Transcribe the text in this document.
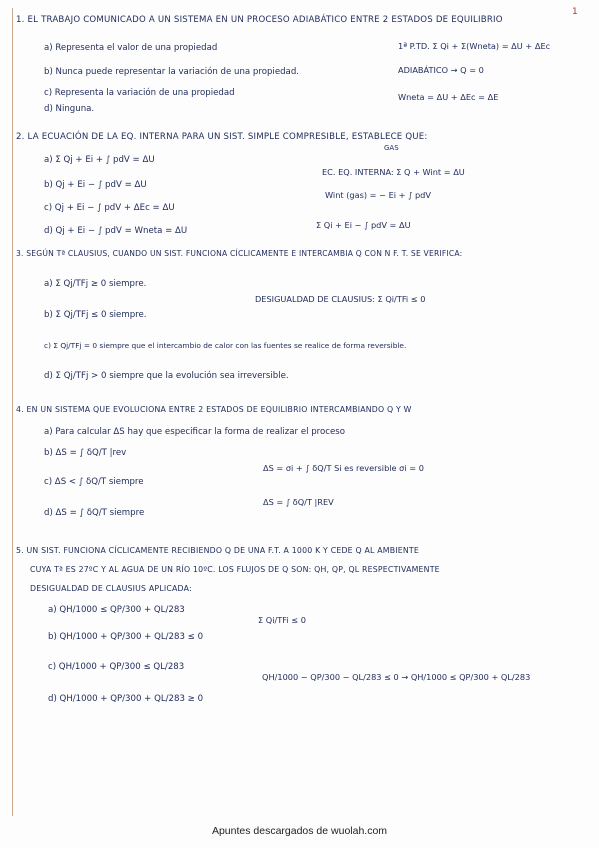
1
1. EL TRABAJO COMUNICADO A UN SISTEMA EN UN PROCESO ADIABÁTICO ENTRE 2 ESTADOS DE EQUILIBRIO
a) Representa el valor de una propiedad
b) Nunca puede representar la variación de una propiedad.
c) Representa la variación de una propiedad
d) Ninguna.
1ª P.TD. Σ Qi + Σ(Wneta) = ΔU + ΔEc
ADIABÁTICO → Q = 0
Wneta = ΔU + ΔEc = ΔE
2. LA ECUACIÓN DE LA EQ. INTERNA PARA UN SIST. SIMPLE COMPRESIBLE, ESTABLECE QUE:
GAS
a) Σ Qj + Ei + ∫ pdV = ΔU
b) Qj + Ei − ∫ pdV = ΔU
c) Qj + Ei − ∫ pdV + ΔEc = ΔU
d) Qj + Ei − ∫ pdV = Wneta = ΔU
EC. EQ. INTERNA: Σ Q + Wint = ΔU
Wint (gas) = − Ei + ∫ pdV
Σ Qi + Ei − ∫ pdV = ΔU
3. SEGÚN Tª CLAUSIUS, CUANDO UN SIST. FUNCIONA CÍCLICAMENTE E INTERCAMBIA Q CON N F. T. SE VERIFICA:
a) Σ Qj/TFj ≥ 0 siempre.
b) Σ Qj/TFj ≤ 0 siempre.
c) Σ Qj/TFj = 0 siempre que el intercambio de calor con las fuentes se realice de forma reversible.
d) Σ Qj/TFj > 0 siempre que la evolución sea irreversible.
DESIGUALDAD DE CLAUSIUS: Σ Qi/TFi ≤ 0
4. EN UN SISTEMA QUE EVOLUCIONA ENTRE 2 ESTADOS DE EQUILIBRIO INTERCAMBIANDO Q Y W
a) Para calcular ΔS hay que especificar la forma de realizar el proceso
b) ΔS = ∫ δQ/T |rev
c) ΔS < ∫ δQ/T siempre
d) ΔS = ∫ δQ/T siempre
ΔS = σi + ∫ δQ/T Si es reversible σi = 0
ΔS = ∫ δQ/T |REV
5. UN SIST. FUNCIONA CÍCLICAMENTE RECIBIENDO Q DE UNA F.T. A 1000 K Y CEDE Q AL AMBIENTE
CUYA Tª ES 27ºC Y AL AGUA DE UN RÍO 10ºC. LOS FLUJOS DE Q SON: QH, QP, QL RESPECTIVAMENTE
DESIGUALDAD DE CLAUSIUS APLICADA:
a) QH/1000 ≤ QP/300 + QL/283
b) QH/1000 + QP/300 + QL/283 ≤ 0
c) QH/1000 + QP/300 ≤ QL/283
d) QH/1000 + QP/300 + QL/283 ≥ 0
Σ Qi/TFi ≤ 0
QH/1000 − QP/300 − QL/283 ≤ 0 → QH/1000 ≤ QP/300 + QL/283
Apuntes descargados de wuolah.com
